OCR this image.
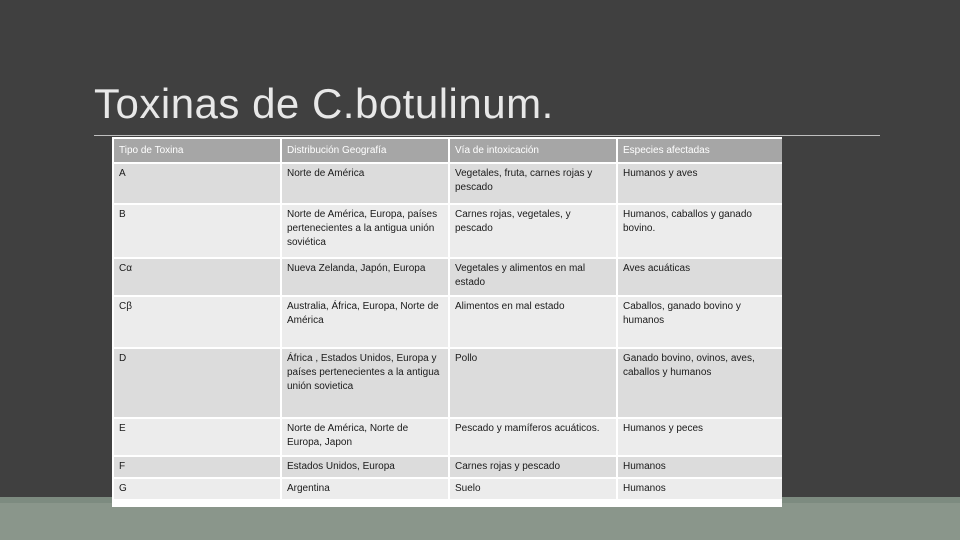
Toxinas de C.botulinum.
Tipo de Toxina	Distribución Geografía	Vía de intoxicación	Especies afectadas
A	Norte de América	Vegetales, fruta, carnes rojas y pescado	Humanos y aves
B	Norte de América, Europa, países pertenecientes a la antigua unión soviética	Carnes rojas, vegetales, y pescado	Humanos, caballos y ganado bovino.
Cα	Nueva Zelanda, Japón, Europa	Vegetales y alimentos en mal estado	Aves acuáticas
Cβ	Australia, África, Europa, Norte de América	Alimentos en mal estado	Caballos, ganado bovino y humanos
D	África , Estados Unidos, Europa y países pertenecientes a la antigua unión sovietica	Pollo	Ganado bovino, ovinos, aves, caballos y humanos
E	Norte de América, Norte de Europa, Japon	Pescado y mamíferos acuáticos.	Humanos y peces
F	Estados Unidos, Europa	Carnes rojas y pescado	Humanos
G	Argentina	Suelo	Humanos
